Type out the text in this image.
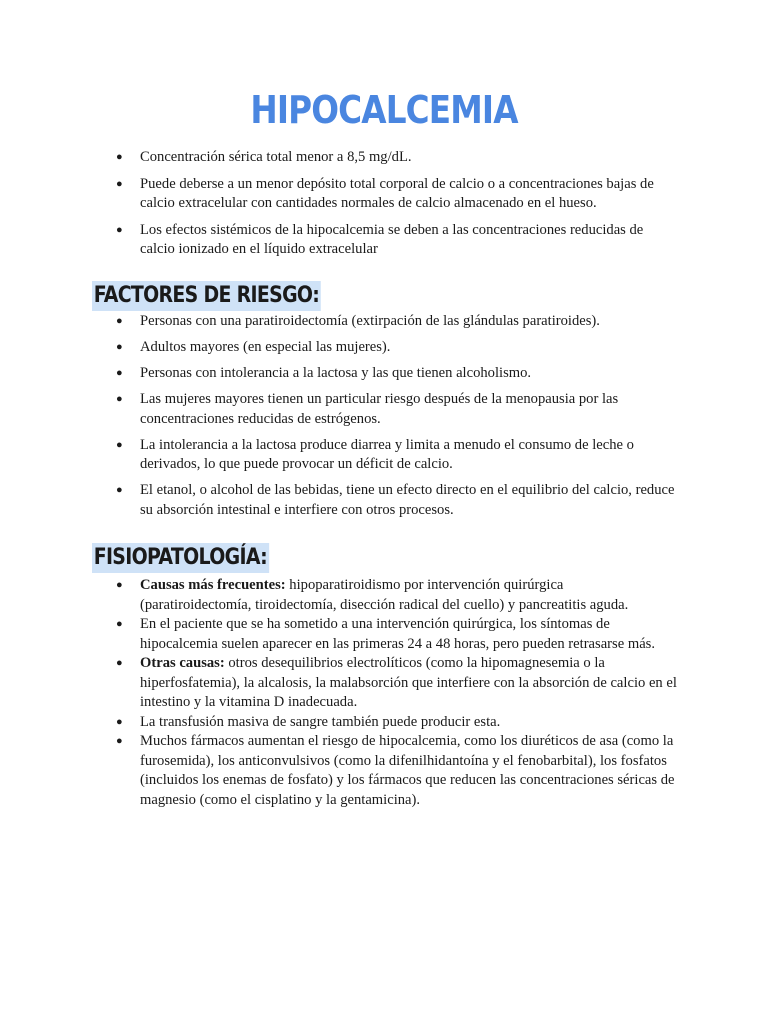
HIPOCALCEMIA
● Concentración sérica total menor a 8,5 mg/dL.
● Puede deberse a un menor depósito total corporal de calcio o a concentraciones bajas de calcio extracelular con cantidades normales de calcio almacenado en el hueso.
● Los efectos sistémicos de la hipocalcemia se deben a las concentraciones reducidas de calcio ionizado en el líquido extracelular
FACTORES DE RIESGO:
● Personas con una paratiroidectomía (extirpación de las glándulas paratiroides).
● Adultos mayores (en especial las mujeres).
● Personas con intolerancia a la lactosa y las que tienen alcoholismo.
● Las mujeres mayores tienen un particular riesgo después de la menopausia por las concentraciones reducidas de estrógenos.
● La intolerancia a la lactosa produce diarrea y limita a menudo el consumo de leche o derivados, lo que puede provocar un déficit de calcio.
● El etanol, o alcohol de las bebidas, tiene un efecto directo en el equilibrio del calcio, reduce su absorción intestinal e interfiere con otros procesos.
FISIOPATOLOGÍA:
● Causas más frecuentes: hipoparatiroidismo por intervención quirúrgica (paratiroidectomía, tiroidectomía, disección radical del cuello) y pancreatitis aguda.
● En el paciente que se ha sometido a una intervención quirúrgica, los síntomas de hipocalcemia suelen aparecer en las primeras 24 a 48 horas, pero pueden retrasarse más.
● Otras causas: otros desequilibrios electrolíticos (como la hipomagnesemia o la hiperfosfatemia), la alcalosis, la malabsorción que interfiere con la absorción de calcio en el intestino y la vitamina D inadecuada.
● La transfusión masiva de sangre también puede producir esta.
● Muchos fármacos aumentan el riesgo de hipocalcemia, como los diuréticos de asa (como la furosemida), los anticonvulsivos (como la difenilhidantoína y el fenobarbital), los fosfatos (incluidos los enemas de fosfato) y los fármacos que reducen las concentraciones séricas de magnesio (como el cisplatino y la gentamicina).
